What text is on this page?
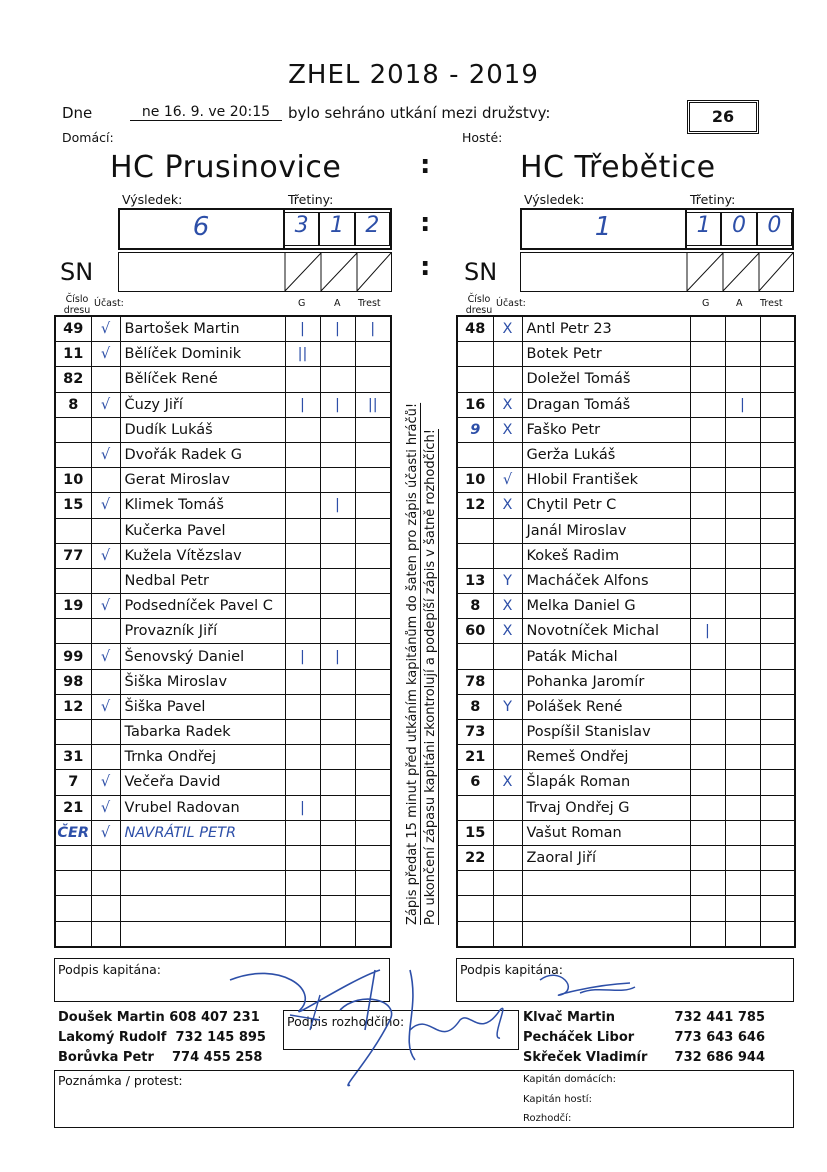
ZHEL 2018 - 2019
Dne	ne 16. 9. ve 20:15	bylo sehráno utkání mezi družstvy:	26
Domácí:	Hosté:
HC Prusinovice	HC Třebětice
:
Výsledek:	Třetiny:	Výsledek:	Třetiny:
6	3 1 2	:	1	1 0 0
SN	: SN
Číslo dresu
Účast:	G	A Trest	Číslo dresu
Účast:	G	A Trest
49	√	Bartošek Martin	|	|	|
11	√	Bělíček Dominik	||		
82		Bělíček René			
8	√	Čuzy Jiří	|	|	||
		Dudík Lukáš			
	√	Dvořák Radek G			
10		Gerat Miroslav			
15	√	Klimek Tomáš		|	
		Kučerka Pavel			
77	√	Kužela Vítězslav			
		Nedbal Petr			
19	√	Podsedníček Pavel C			
		Provazník Jiří			
99	√	Šenovský Daniel	|	|	
98		Šiška Miroslav			
12	√	Šiška Pavel			
		Tabarka Radek			
31		Trnka Ondřej			
7	√	Večeřa David			
21	√	Vrubel Radovan	|		
ČER	√	NAVRÁTIL PETR			

48	X	Antl Petr 23			
		Botek Petr			
		Doležel Tomáš			
16	X	Dragan Tomáš		|	
9	X	Faško Petr			
		Gerža Lukáš			
10	√	Hlobil František			
12	X	Chytil Petr C			
		Janál Miroslav			
		Kokeš Radim			
13	Y	Macháček Alfons			
8	X	Melka Daniel G			
60	X	Novotníček Michal	|		
		Paták Michal			
78		Pohanka Jaromír			
8	Y	Polášek René			
73		Pospíšil Stanislav			
21		Remeš Ondřej			
6	X	Šlapák Roman			
		Trvaj Ondřej G			
15		Vašut Roman			
22		Zaoral Jiří			

Zápis předat 15 minut před utkáním kapitánům do šaten pro zápis účasti hráčů! Po ukončení zápasu kapitáni zkontrolují a podepíší zápis v šatně rozhodčích!
Podpis kapitána:	Podpis kapitána:
Podpis rozhodčího:
Doušek Martin 608 407 231
Lakomý Rudolf 732 145 895
Borůvka Petr 774 455 258
Klvač Martin	732 441 785
Pecháček Libor	773 643 646
Skřeček Vladimír 732 686 944
Poznámka / protest:	Kapitán domácích:
Kapitán hostí:
Rozhodčí:
